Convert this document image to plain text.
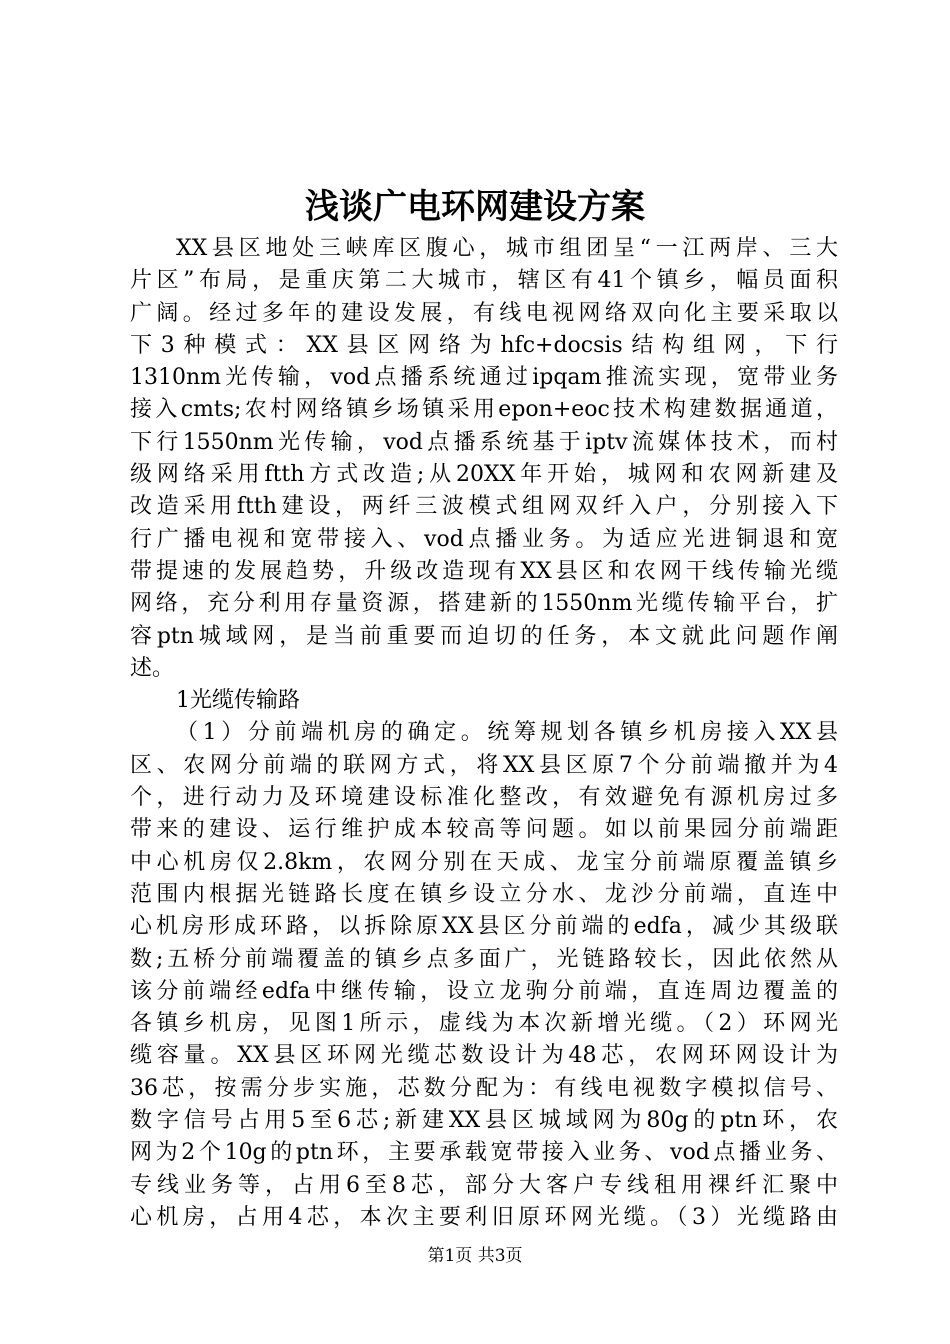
浅谈广电环网建设方案
XX县区地处三峡库区腹心，城市组团呈“一江两岸、三大
片区”布局，是重庆第二大城市，辖区有41个镇乡，幅员面积
广阔。经过多年的建设发展，有线电视网络双向化主要采取以
下3种模式：XX县区网络为hfc+docsis结构组网，下行
1310nm光传输，vod点播系统通过ipqam推流实现，宽带业务
接入cmts;农村网络镇乡场镇采用epon+eoc技术构建数据通道，
下行1550nm光传输，vod点播系统基于iptv流媒体技术，而村
级网络采用ftth方式改造;从20XX年开始，城网和农网新建及
改造采用ftth建设，两纤三波模式组网双纤入户，分别接入下
行广播电视和宽带接入、vod点播业务。为适应光进铜退和宽
带提速的发展趋势，升级改造现有XX县区和农网干线传输光缆
网络，充分利用存量资源，搭建新的1550nm光缆传输平台，扩
容ptn城域网，是当前重要而迫切的任务，本文就此问题作阐
述。
1光缆传输路
（1）分前端机房的确定。统筹规划各镇乡机房接入XX县
区、农网分前端的联网方式，将XX县区原7个分前端撤并为4
个，进行动力及环境建设标准化整改，有效避免有源机房过多
带来的建设、运行维护成本较高等问题。如以前果园分前端距
中心机房仅2.8km，农网分别在天成、龙宝分前端原覆盖镇乡
范围内根据光链路长度在镇乡设立分水、龙沙分前端，直连中
心机房形成环路，以拆除原XX县区分前端的edfa，减少其级联
数;五桥分前端覆盖的镇乡点多面广，光链路较长，因此依然从
该分前端经edfa中继传输，设立龙驹分前端，直连周边覆盖的
各镇乡机房，见图1所示，虚线为本次新增光缆。（2）环网光
缆容量。XX县区环网光缆芯数设计为48芯，农网环网设计为
36芯，按需分步实施，芯数分配为：有线电视数字模拟信号、
数字信号占用5至6芯;新建XX县区城域网为80g的ptn环，农
网为2个10g的ptn环，主要承载宽带接入业务、vod点播业务、
专线业务等，占用6至8芯，部分大客户专线租用裸纤汇聚中
心机房，占用4芯，本次主要利旧原环网光缆。（3）光缆路由
第1页 共3页
